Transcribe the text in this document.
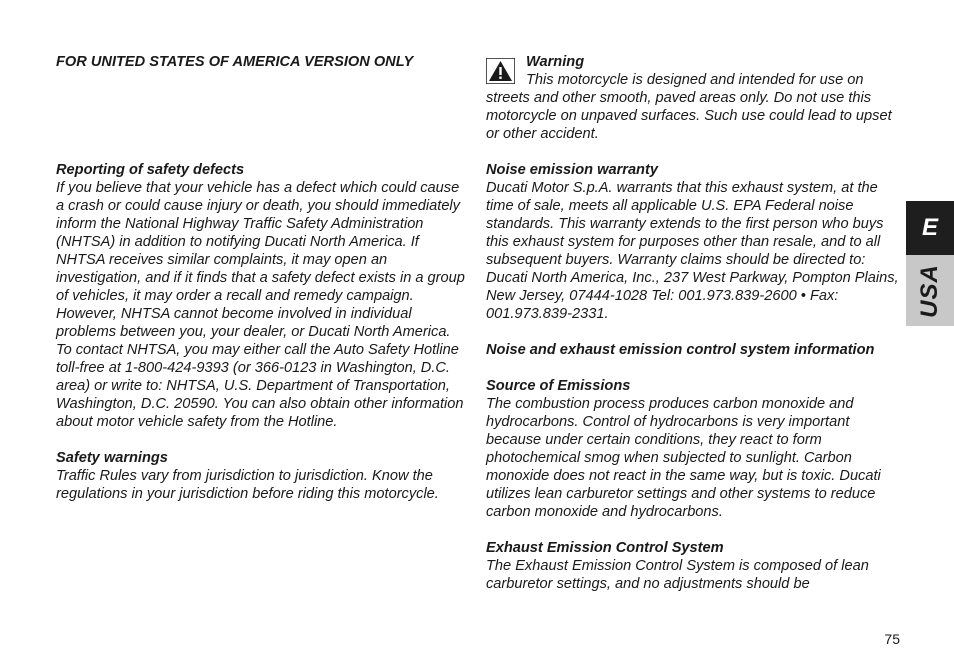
FOR UNITED STATES OF AMERICA VERSION ONLY

Reporting of safety defects

If you believe that your vehicle has a defect which could cause a crash or could cause injury or death, you should immediately inform the National Highway Traffic Safety Administration (NHTSA) in addition to notifying Ducati North America. If NHTSA receives similar complaints, it may open an investigation, and if it finds that a safety defect exists in a group of vehicles, it may order a recall and remedy campaign. However, NHTSA cannot become involved in individual problems between you, your dealer, or Ducati North America. To contact NHTSA, you may either call the Auto Safety Hotline toll-free at 1-800-424-9393 (or 366-0123 in Washington, D.C. area) or write to: NHTSA, U.S. Department of Transportation, Washington, D.C. 20590. You can also obtain other information about motor vehicle safety from the Hotline.

Safety warnings

Traffic Rules vary from jurisdiction to jurisdiction. Know the regulations in your jurisdiction before riding this motorcycle.

Warning

This motorcycle is designed and intended for use on streets and other smooth, paved areas only. Do not use this motorcycle on unpaved surfaces. Such use could lead to upset or other accident.

Noise emission warranty

Ducati Motor S.p.A. warrants that this exhaust system, at the time of sale, meets all applicable U.S. EPA Federal noise standards. This warranty extends to the first person who buys this exhaust system for purposes other than resale, and to all subsequent buyers. Warranty claims should be directed to: Ducati North America, Inc., 237 West Parkway, Pompton Plains, New Jersey, 07444-1028 Tel: 001.973.839-2600 • Fax: 001.973.839-2331.

Noise and exhaust emission control system information

Source of Emissions

The combustion process produces carbon monoxide and hydrocarbons. Control of hydrocarbons is very important because under certain conditions, they react to form photochemical smog when subjected to sunlight. Carbon monoxide does not react in the same way, but is toxic. Ducati utilizes lean carburetor settings and other systems to reduce carbon monoxide and hydrocarbons.

Exhaust Emission Control System

The Exhaust Emission Control System is composed of lean carburetor settings, and no adjustments should be

E
USA
75
